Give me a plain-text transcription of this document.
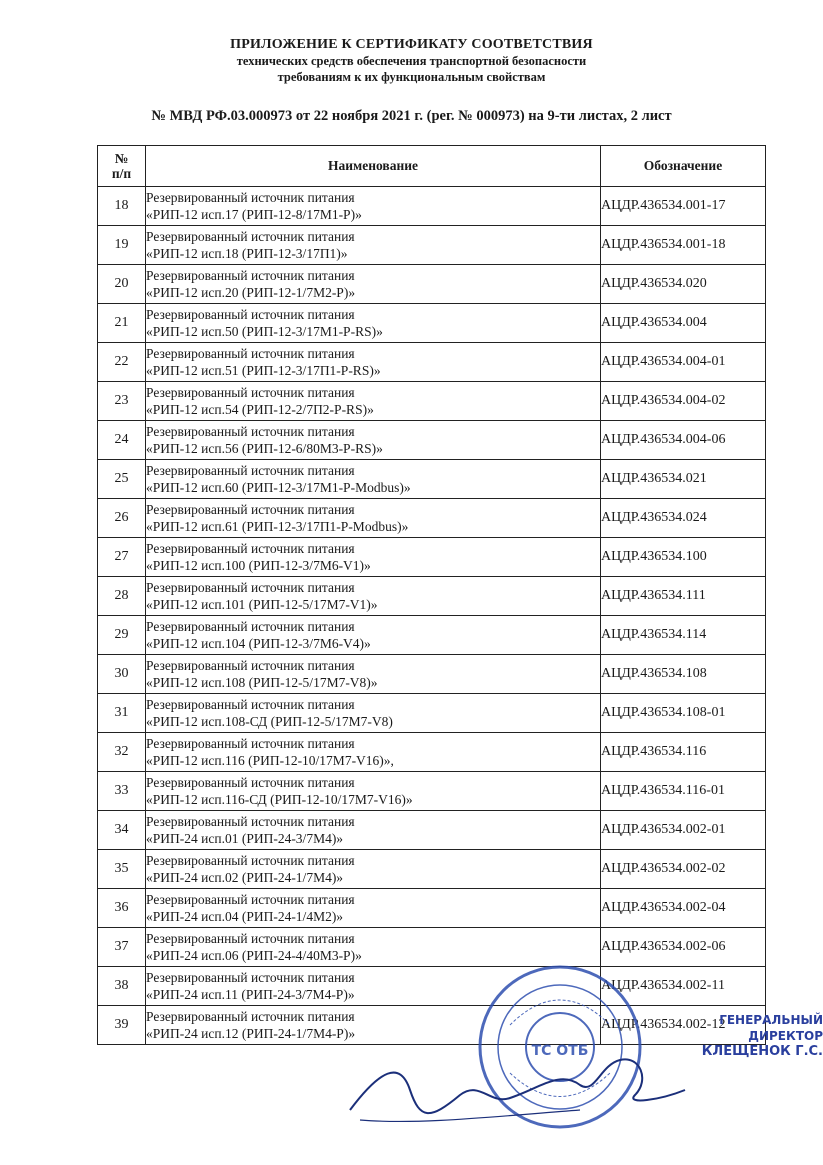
ПРИЛОЖЕНИЕ К СЕРТИФИКАТУ СООТВЕТСТВИЯ
технических средств обеспечения транспортной безопасности
требованиям к их функциональным свойствам
№ МВД РФ.03.000973 от 22 ноября 2021 г. (рег. № 000973) на 9-ти листах, 2 лист
№
п/п	Наименование	Обозначение
18	Резервированный источник питания
«РИП-12 исп.17 (РИП-12-8/17М1-Р)»	АЦДР.436534.001-17
19	Резервированный источник питания
«РИП-12 исп.18 (РИП-12-3/17П1)»	АЦДР.436534.001-18
20	Резервированный источник питания
«РИП-12 исп.20 (РИП-12-1/7М2-Р)»	АЦДР.436534.020
21	Резервированный источник питания
«РИП-12 исп.50 (РИП-12-3/17М1-Р-RS)»	АЦДР.436534.004
22	Резервированный источник питания
«РИП-12 исп.51 (РИП-12-3/17П1-Р-RS)»	АЦДР.436534.004-01
23	Резервированный источник питания
«РИП-12 исп.54 (РИП-12-2/7П2-Р-RS)»	АЦДР.436534.004-02
24	Резервированный источник питания
«РИП-12 исп.56 (РИП-12-6/80М3-Р-RS)»	АЦДР.436534.004-06
25	Резервированный источник питания
«РИП-12 исп.60 (РИП-12-3/17М1-Р-Modbus)»	АЦДР.436534.021
26	Резервированный источник питания
«РИП-12 исп.61 (РИП-12-3/17П1-Р-Modbus)»	АЦДР.436534.024
27	Резервированный источник питания
«РИП-12 исп.100 (РИП-12-3/7М6-V1)»	АЦДР.436534.100
28	Резервированный источник питания
«РИП-12 исп.101 (РИП-12-5/17М7-V1)»	АЦДР.436534.111
29	Резервированный источник питания
«РИП-12 исп.104 (РИП-12-3/7М6-V4)»	АЦДР.436534.114
30	Резервированный источник питания
«РИП-12 исп.108 (РИП-12-5/17М7-V8)»	АЦДР.436534.108
31	Резервированный источник питания
«РИП-12 исп.108-СД (РИП-12-5/17М7-V8)	АЦДР.436534.108-01
32	Резервированный источник питания
«РИП-12 исп.116 (РИП-12-10/17М7-V16)»,	АЦДР.436534.116
33	Резервированный источник питания
«РИП-12 исп.116-СД (РИП-12-10/17М7-V16)»	АЦДР.436534.116-01
34	Резервированный источник питания
«РИП-24 исп.01 (РИП-24-3/7М4)»	АЦДР.436534.002-01
35	Резервированный источник питания
«РИП-24 исп.02 (РИП-24-1/7М4)»	АЦДР.436534.002-02
36	Резервированный источник питания
«РИП-24 исп.04 (РИП-24-1/4М2)»	АЦДР.436534.002-04
37	Резервированный источник питания
«РИП-24 исп.06 (РИП-24-4/40М3-Р)»	АЦДР.436534.002-06
38	Резервированный источник питания
«РИП-24 исп.11 (РИП-24-3/7М4-Р)»	АЦДР.436534.002-11
39	Резервированный источник питания
«РИП-24 исп.12 (РИП-24-1/7М4-Р)»	АЦДР.436534.002-12
ТС ОТБ
ГЕНЕРАЛЬНЫЙ ДИРЕКТОР
КЛЕЩЕНОК Г.С.
